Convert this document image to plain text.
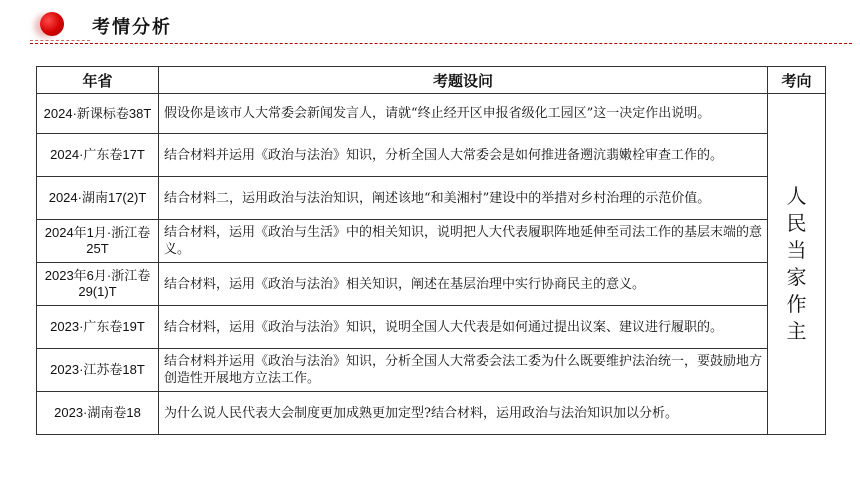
考情分析
年省	考题设问	考向
2024·新课标卷38T	假设你是该市人大常委会新闻发言人，请就“终止经开区申报省级化工园区”这一决定作出说明。	人民当家作主
2024·广东卷17T	结合材料并运用《政治与法治》知识，分析全国人大常委会是如何推进备遡沆翡嫩栓审查工作的。	
2024·湖南17(2)T	结合材料二，运用政治与法治知识，阐述该地“和美湘村”建设中的举措对乡村治理的示范价值。	
2024年1月·浙江卷25T	结合材料，运用《政治与生活》中的相关知识，说明把人大代表履职阵地延伸至司法工作的基层末端的意义。	
2023年6月·浙江卷29(1)T	结合材料，运用《政治与法治》相关知识，阐述在基层治理中实行协商民主的意义。	
2023·广东卷19T	结合材料，运用《政治与法治》知识，说明全国人大代表是如何通过提出议案、建议进行履职的。	
2023·江苏卷18T	结合材料并运用《政治与法治》知识，分析全国人大常委会法工委为什么既要维护法治统一，要鼓励地方创造性开展地方立法工作。	
2023·湖南卷18	为什么说人民代表大会制度更加成熟更加定型?结合材料，运用政治与法治知识加以分析。	
